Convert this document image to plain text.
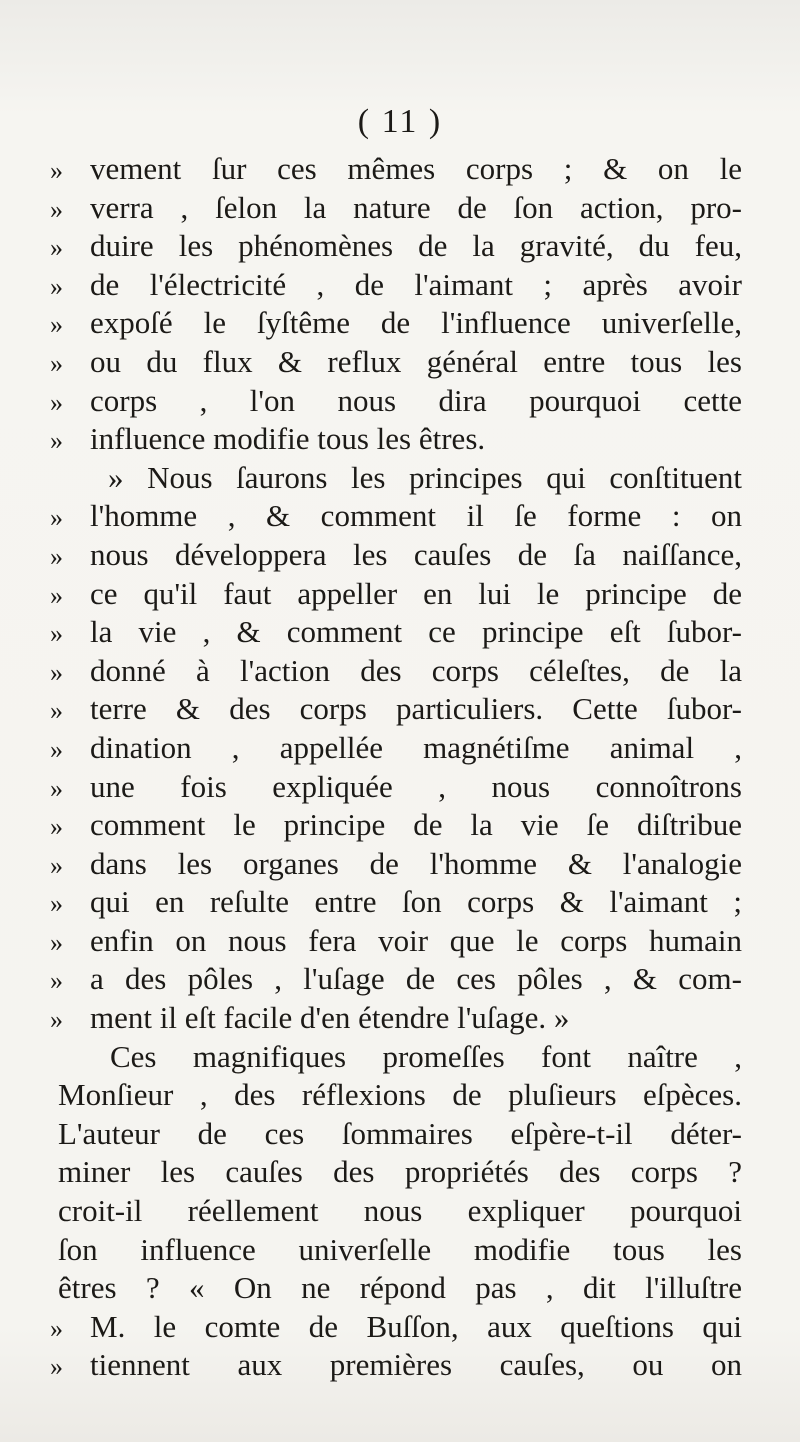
( 11 )
» vement ſur ces mêmes corps ; & on le
» verra , ſelon la nature de ſon action, pro-
» duire les phénomènes de la gravité, du feu,
» de l'électricité , de l'aimant ; après avoir
» expoſé le ſyſtême de l'influence univerſelle,
» ou du flux & reflux général entre tous les
» corps , l'on nous dira pourquoi cette
» influence modifie tous les êtres.
» Nous ſaurons les principes qui conſtituent
» l'homme , & comment il ſe forme : on
» nous développera les cauſes de ſa naiſſance,
» ce qu'il faut appeller en lui le principe de
» la vie , & comment ce principe eſt ſubor-
» donné à l'action des corps céleſtes, de la
» terre & des corps particuliers. Cette ſubor-
» dination , appellée magnétiſme animal ,
» une fois expliquée , nous connoîtrons
» comment le principe de la vie ſe diſtribue
» dans les organes de l'homme & l'analogie
» qui en reſulte entre ſon corps & l'aimant ;
» enfin on nous fera voir que le corps humain
» a des pôles , l'uſage de ces pôles , & com-
» ment il eſt facile d'en étendre l'uſage. »
Ces magnifiques promeſſes font naître ,
Monſieur , des réflexions de pluſieurs eſpèces.
L'auteur de ces ſommaires eſpère-t-il déter-
miner les cauſes des propriétés des corps ?
croit-il réellement nous expliquer pourquoi
ſon influence univerſelle modifie tous les
êtres ? « On ne répond pas , dit l'illuſtre
» M. le comte de Buſſon, aux queſtions qui
» tiennent aux premières cauſes, ou on
